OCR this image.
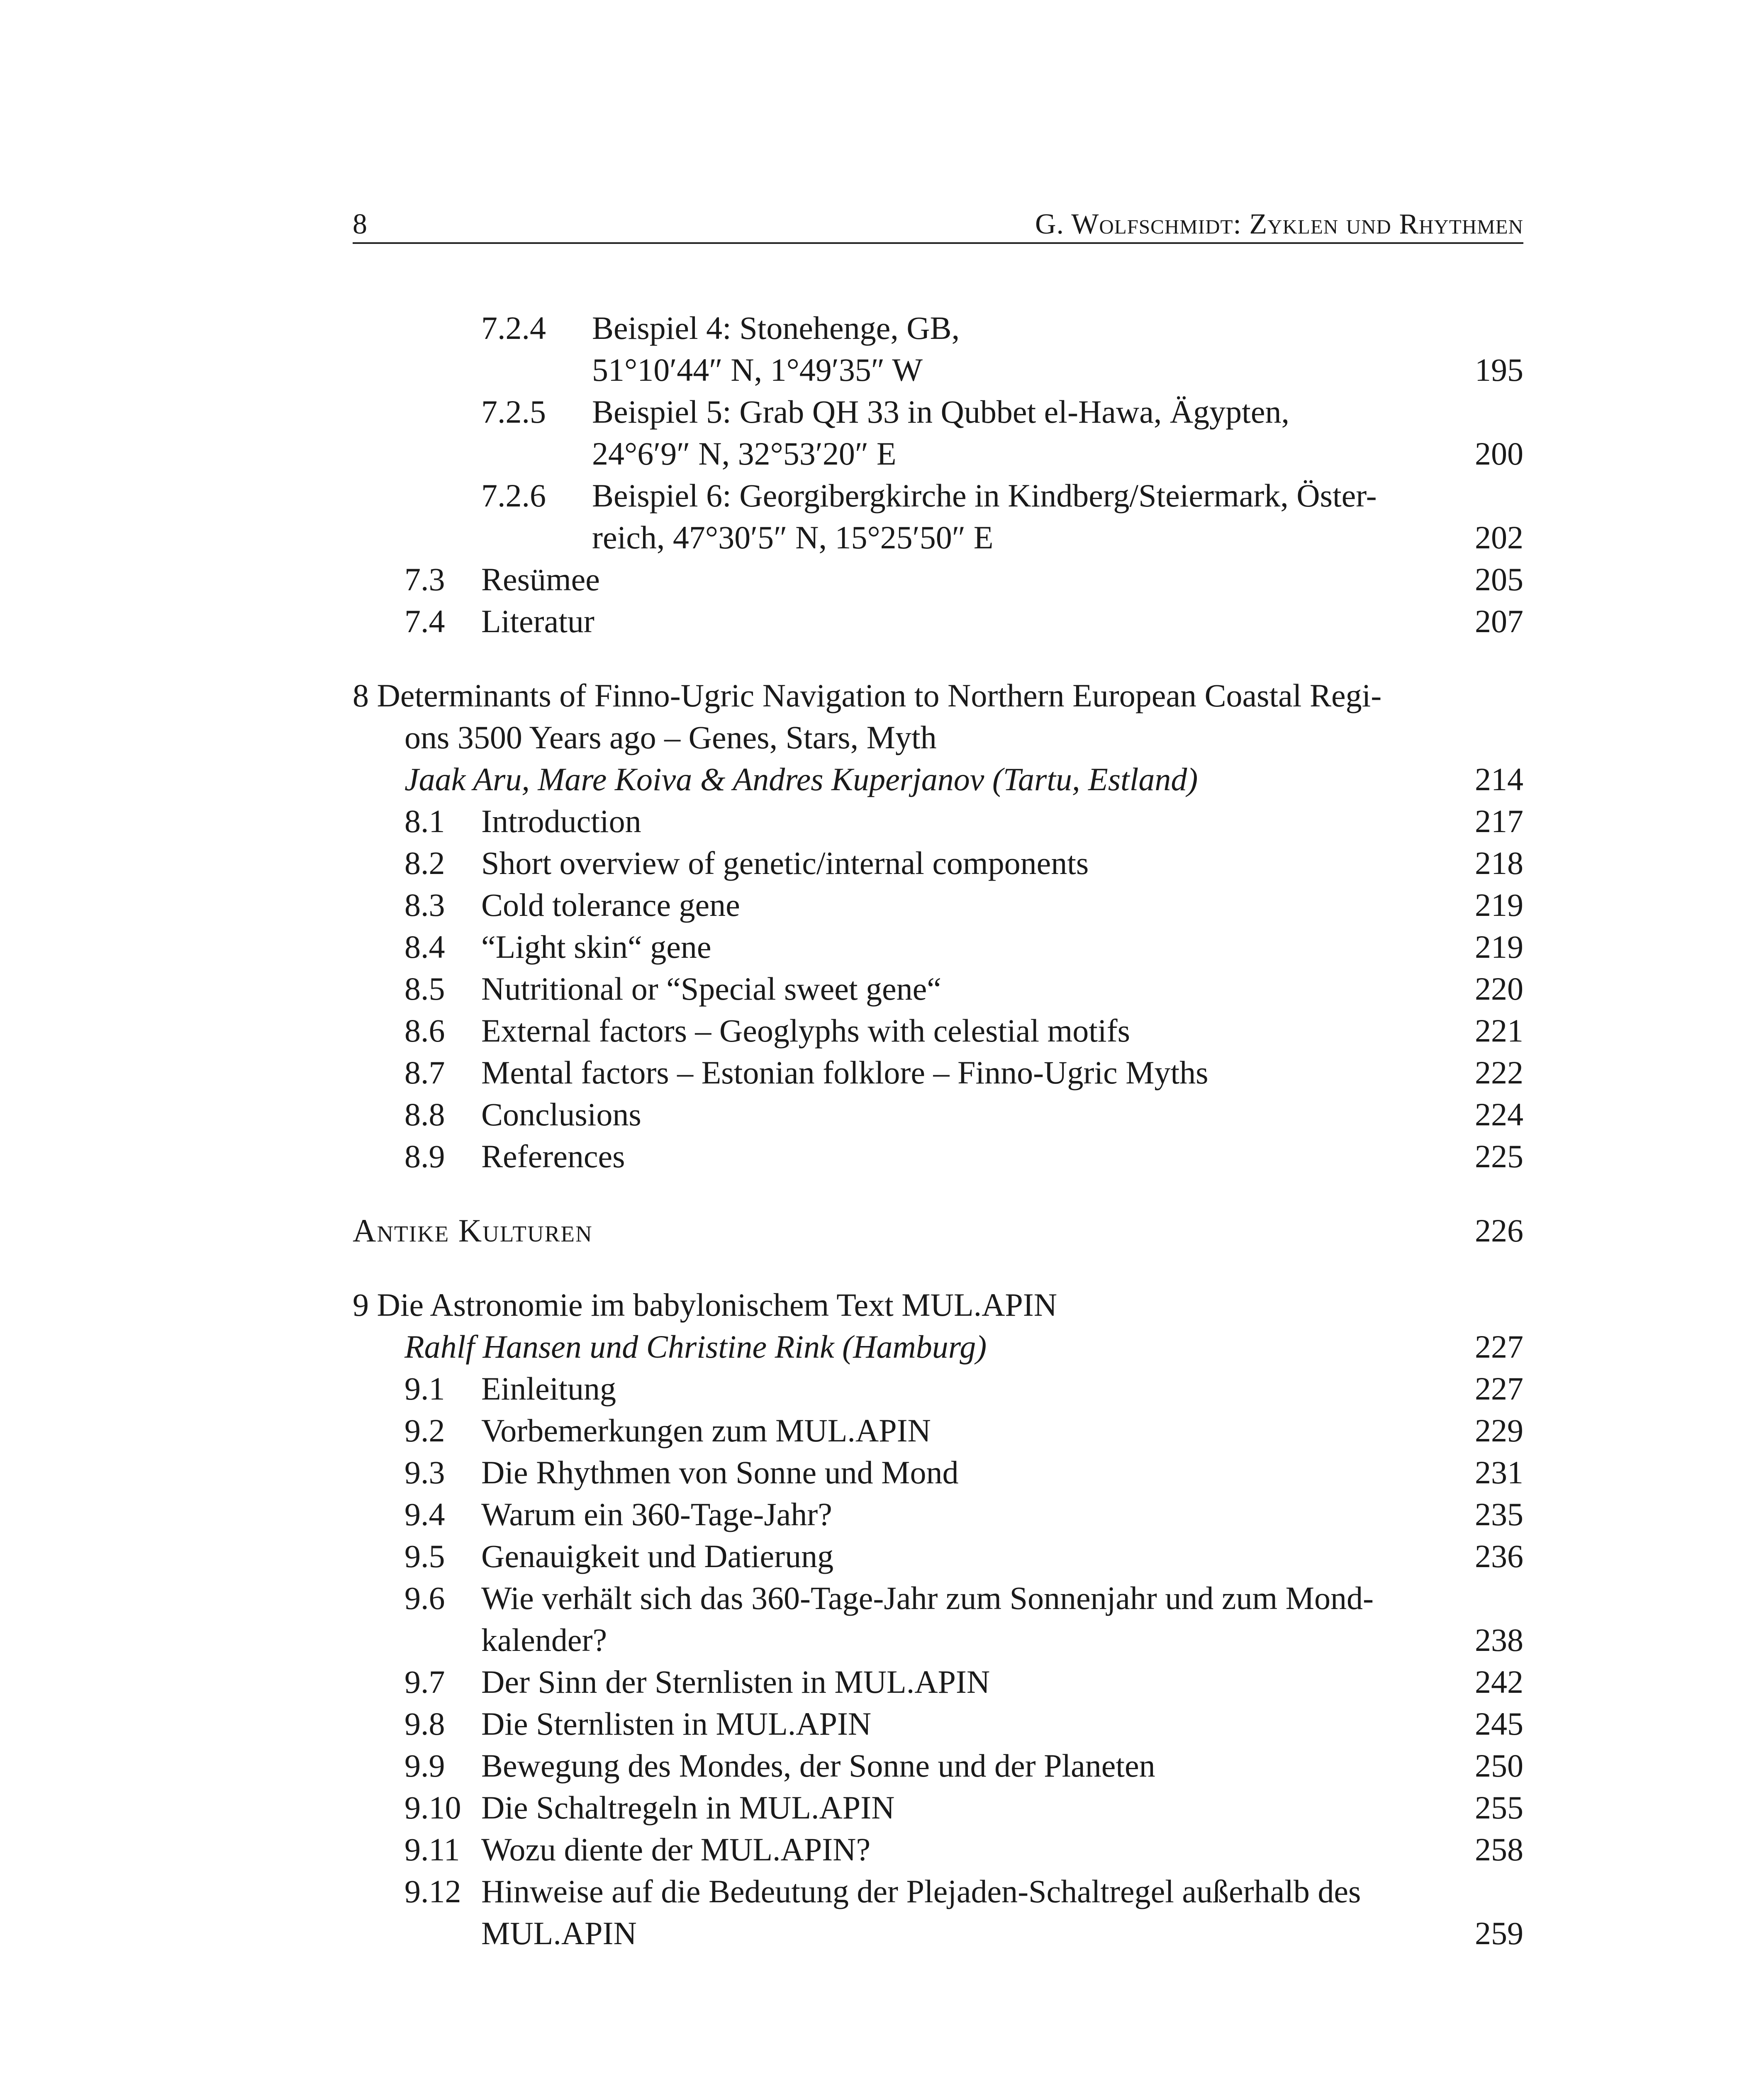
8	G. Wolfschmidt: Zyklen und Rhythmen
7.2.4 Beispiel 4: Stonehenge, GB,
51°10′44″ N, 1°49′35″ W	195
7.2.5 Beispiel 5: Grab QH 33 in Qubbet el-Hawa, Ägypten,
24°6′9″ N, 32°53′20″ E	200
7.2.6 Beispiel 6: Georgibergkirche in Kindberg/Steiermark, Öster-
reich, 47°30′5″ N, 15°25′50″ E	202
7.3 Resümee	205
7.4 Literatur	207
8 Determinants of Finno-Ugric Navigation to Northern European Coastal Regi-
ons 3500 Years ago – Genes, Stars, Myth
Jaak Aru, Mare Koiva & Andres Kuperjanov (Tartu, Estland)	214
8.1 Introduction	217
8.2 Short overview of genetic/internal components	218
8.3 Cold tolerance gene	219
8.4 “Light skin“ gene	219
8.5 Nutritional or “Special sweet gene“	220
8.6 External factors – Geoglyphs with celestial motifs	221
8.7 Mental factors – Estonian folklore – Finno-Ugric Myths	222
8.8 Conclusions	224
8.9 References	225
Antike Kulturen	226
9 Die Astronomie im babylonischem Text MUL.APIN
Rahlf Hansen und Christine Rink (Hamburg)	227
9.1 Einleitung	227
9.2 Vorbemerkungen zum MUL.APIN	229
9.3 Die Rhythmen von Sonne und Mond	231
9.4 Warum ein 360-Tage-Jahr?	235
9.5 Genauigkeit und Datierung	236
9.6 Wie verhält sich das 360-Tage-Jahr zum Sonnenjahr und zum Mond-
kalender?	238
9.7 Der Sinn der Sternlisten in MUL.APIN	242
9.8 Die Sternlisten in MUL.APIN	245
9.9 Bewegung des Mondes, der Sonne und der Planeten	250
9.10 Die Schaltregeln in MUL.APIN	255
9.11 Wozu diente der MUL.APIN?	258
9.12 Hinweise auf die Bedeutung der Plejaden-Schaltregel außerhalb des
MUL.APIN	259
